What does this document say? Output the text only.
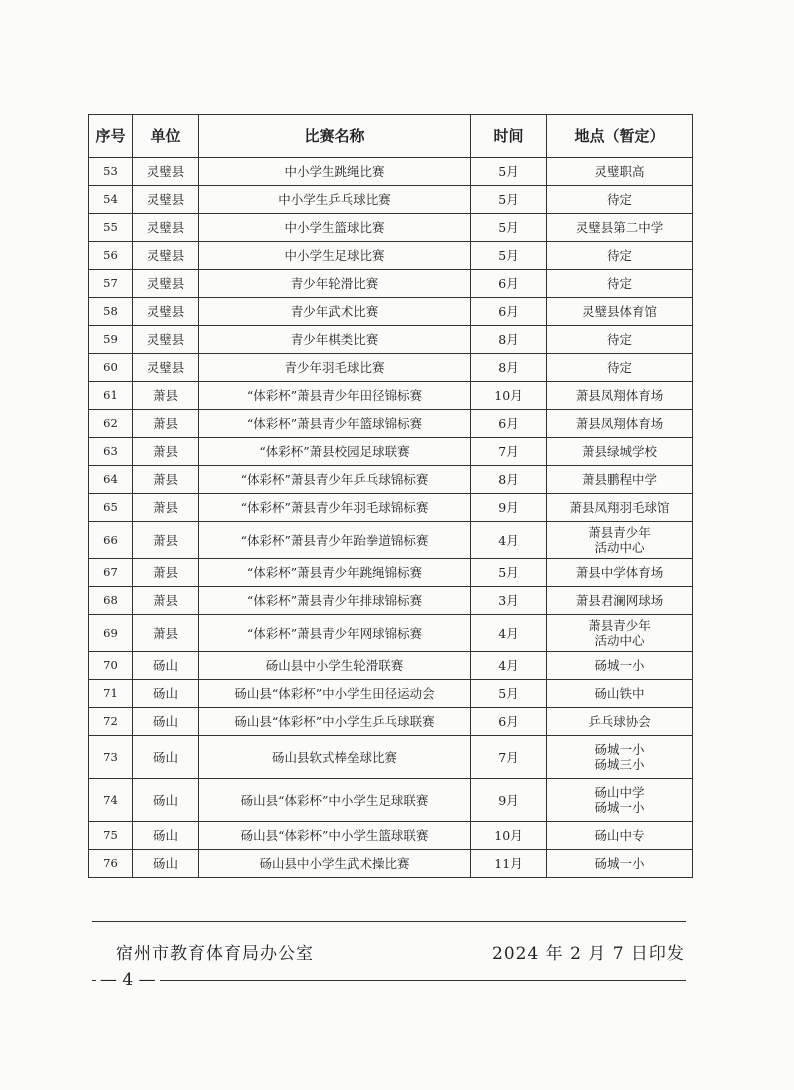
序号	单位	比赛名称	时间	地点（暂定）
53	灵璧县	中小学生跳绳比赛	5月	灵璧职高

54	灵璧县	中小学生乒乓球比赛	5月	待定

55	灵璧县	中小学生篮球比赛	5月	灵璧县第二中学

56	灵璧县	中小学生足球比赛	5月	待定

57	灵璧县	青少年轮滑比赛	6月	待定

58	灵璧县	青少年武术比赛	6月	灵璧县体育馆

59	灵璧县	青少年棋类比赛	8月	待定

60	灵璧县	青少年羽毛球比赛	8月	待定

61	萧县	“体彩杯”萧县青少年田径锦标赛	10月	萧县凤翔体育场

62	萧县	“体彩杯”萧县青少年篮球锦标赛	6月	萧县凤翔体育场

63	萧县	“体彩杯”萧县校园足球联赛	7月	萧县绿城学校

64	萧县	“体彩杯”萧县青少年乒乓球锦标赛	8月	萧县鹏程中学

65	萧县	“体彩杯”萧县青少年羽毛球锦标赛	9月	萧县凤翔羽毛球馆

66	萧县	“体彩杯”萧县青少年跆拳道锦标赛	4月	萧县青少年
活动中心

67	萧县	“体彩杯”萧县青少年跳绳锦标赛	5月	萧县中学体育场

68	萧县	“体彩杯”萧县青少年排球锦标赛	3月	萧县君澜网球场

69	萧县	“体彩杯”萧县青少年网球锦标赛	4月	萧县青少年
活动中心

70	砀山	砀山县中小学生轮滑联赛	4月	砀城一小

71	砀山	砀山县“体彩杯”中小学生田径运动会	5月	砀山铁中

72	砀山	砀山县“体彩杯”中小学生乒乓球联赛	6月	乒乓球协会

73	砀山	砀山县软式棒垒球比赛	7月	砀城一小
砀城三小

74	砀山	砀山县“体彩杯”中小学生足球联赛	9月	砀山中学
砀城一小

75	砀山	砀山县“体彩杯”中小学生篮球联赛	10月	砀山中专

76	砀山	砀山县中小学生武术操比赛	11月	砀城一小
宿州市教育体育局办公室	2024 年 2 月 7 日印发
— 4 —
